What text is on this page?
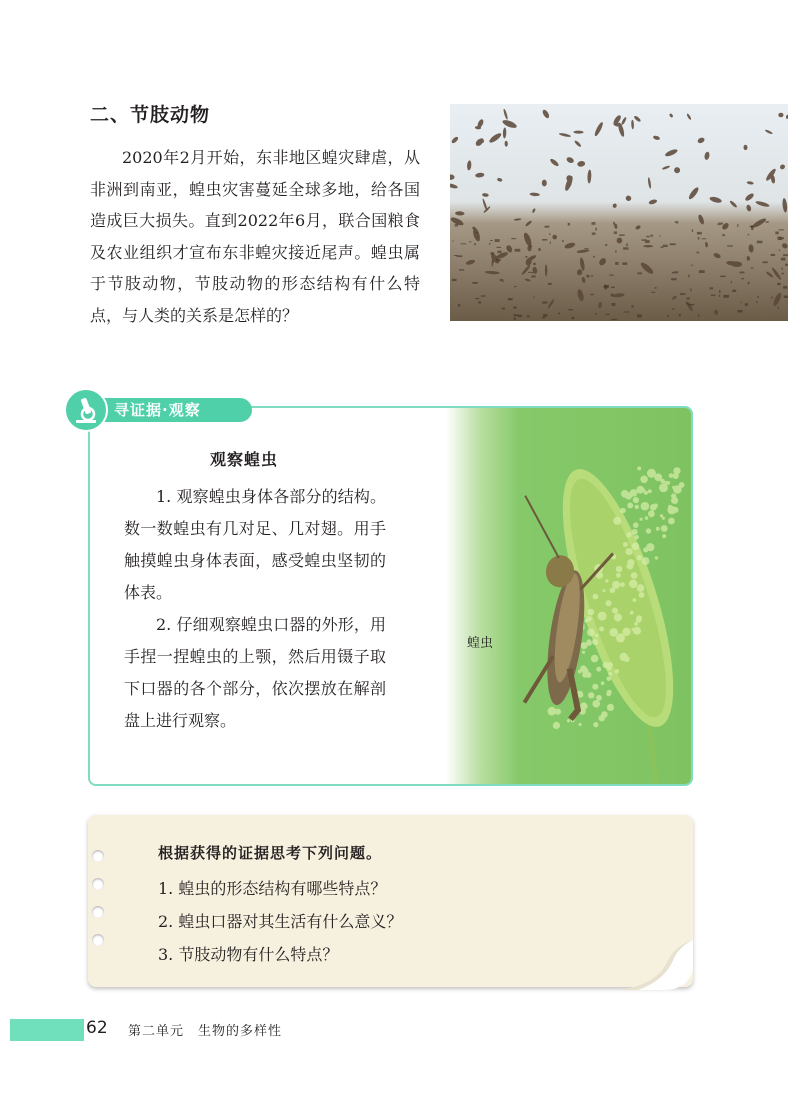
二、节肢动物

2020年2月开始，东非地区蝗灾肆虐，从非洲到南亚，蝗虫灾害蔓延全球多地，给各国造成巨大损失。直到2022年6月，联合国粮食及农业组织才宣布东非蝗灾接近尾声。蝗虫属于节肢动物，节肢动物的形态结构有什么特点，与人类的关系是怎样的？

寻证据·观察
观察蝗虫

1. 观察蝗虫身体各部分的结构。数一数蝗虫有几对足、几对翅。用手触摸蝗虫身体表面，感受蝗虫坚韧的体表。

2. 仔细观察蝗虫口器的外形，用手捏一捏蝗虫的上颚，然后用镊子取下口器的各个部分，依次摆放在解剖盘上进行观察。

蝗虫
根据获得的证据思考下列问题。
1. 蝗虫的形态结构有哪些特点？
2. 蝗虫口器对其生活有什么意义？
3. 节肢动物有什么特点？
62 第二单元　生物的多样性
